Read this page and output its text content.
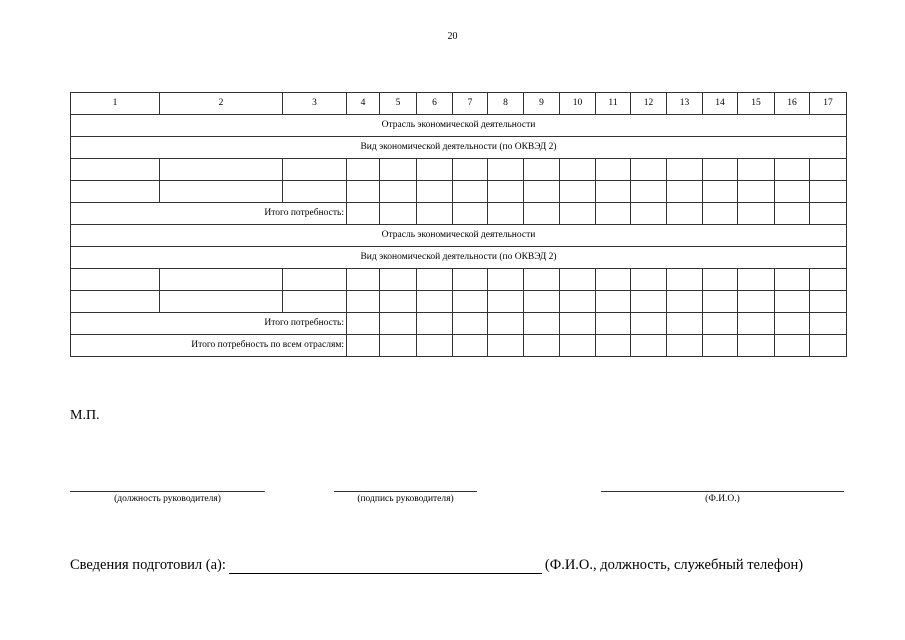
20
1	2	3	4	5	6	7	8	9	10	11	12	13	14	15	16	17
Отрасль экономической деятельности																
Вид экономической деятельности (по ОКВЭД 2)																

Итого потребность:																
Отрасль экономической деятельности																
Вид экономической деятельности (по ОКВЭД 2)																

Итого потребность:																
Итого потребность по всем отраслям:																
М.П.
(должность руководителя)	(подпись руководителя)	(Ф.И.О.)
Сведения подготовил (а):	(Ф.И.О., должность, служебный телефон)
